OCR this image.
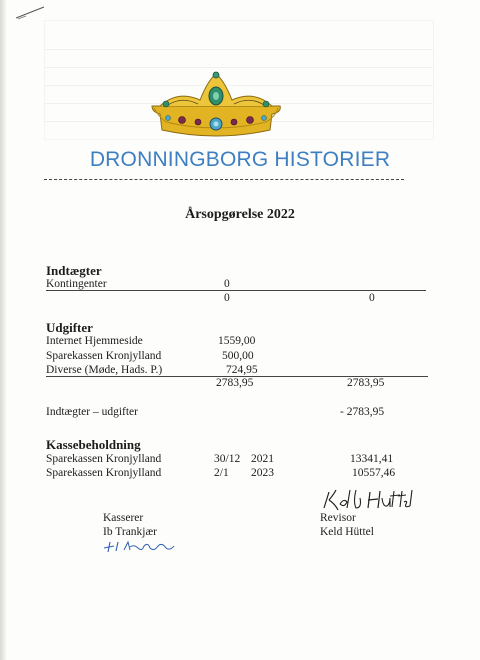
DRONNINGBORG HISTORIER
Årsopgørelse 2022
Indtægter
Kontingenter	0
0	0
Udgifter
Internet Hjemmeside	1559,00
Sparekassen Kronjylland	500,00
Diverse (Møde, Hads. P.)	724,95
2783,95	2783,95
Indtægter – udgifter	- 2783,95
Kassebeholdning
Sparekassen Kronjylland	30/12 2021	13341,41
Sparekassen Kronjylland	2/1 2023	10557,46
Revisor
Keld Hüttel
Kasserer
Ib Trankjær
